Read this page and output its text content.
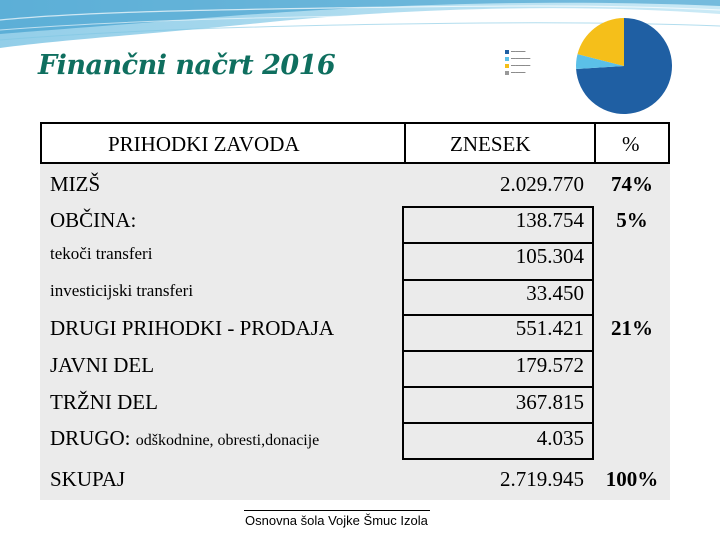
Finančni načrt 2016	━━━━━━
━━━━━━━━
━━━━━━━━
━━━━━━
PRIHODKI ZAVODA	ZNESEK	%
MIZŠ	2.029.770	74%
OBČINA:	138.754	5%
tekoči transferi	105.304
investicijski transferi	33.450
DRUGI PRIHODKI - PRODAJA	551.421	21%
JAVNI DEL	179.572
TRŽNI DEL	367.815
DRUGO: odškodnine, obresti,donacije	4.035
SKUPAJ	2.719.945	100%
Osnovna šola Vojke Šmuc Izola
